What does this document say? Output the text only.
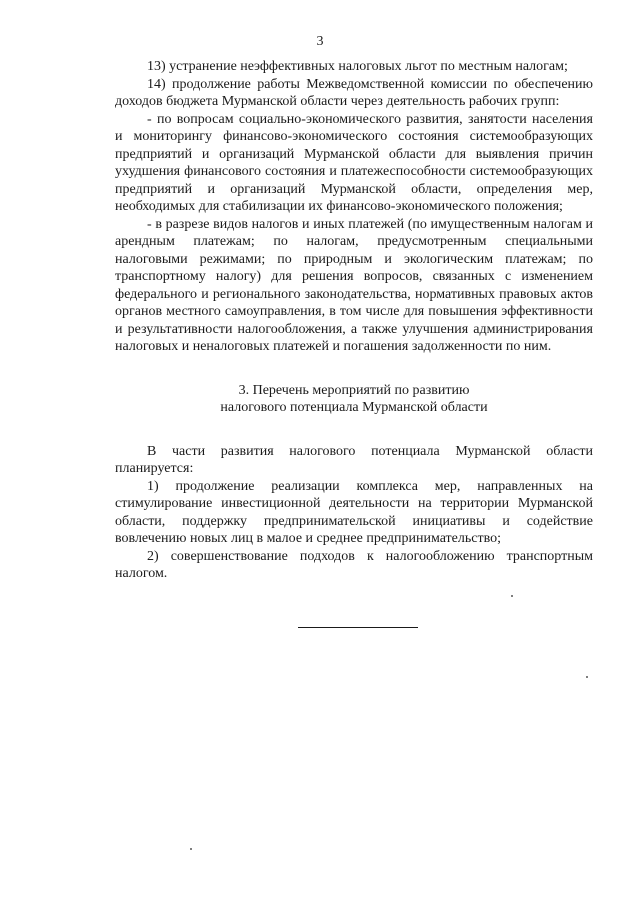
3

13) устранение неэффективных налоговых льгот по местным налогам;

14) продолжение работы Межведомственной комиссии по обеспечению доходов бюджета Мурманской области через деятельность рабочих групп:

- по вопросам социально-экономического развития, занятости населения и мониторингу финансово-экономического состояния системообразующих предприятий и организаций Мурманской области для выявления причин ухудшения финансового состояния и платежеспособности системообразующих предприятий и организаций Мурманской области, определения мер, необходимых для стабилизации их финансово-экономического положения;

- в разрезе видов налогов и иных платежей (по имущественным налогам и арендным платежам; по налогам, предусмотренным специальными налоговыми режимами; по природным и экологическим платежам; по транспортному налогу) для решения вопросов, связанных с изменением федерального и регионального законодательства, нормативных правовых актов органов местного самоуправления, в том числе для повышения эффективности и результативности налогообложения, а также улучшения администрирования налоговых и неналоговых платежей и погашения задолженности по ним.

3. Перечень мероприятий по развитию
налогового потенциала Мурманской области

В части развития налогового потенциала Мурманской области планируется:

1) продолжение реализации комплекса мер, направленных на стимулирование инвестиционной деятельности на территории Мурманской области, поддержку предпринимательской инициативы и содействие вовлечению новых лиц в малое и среднее предпринимательство;

2) совершенствование подходов к налогообложению транспортным налогом.
